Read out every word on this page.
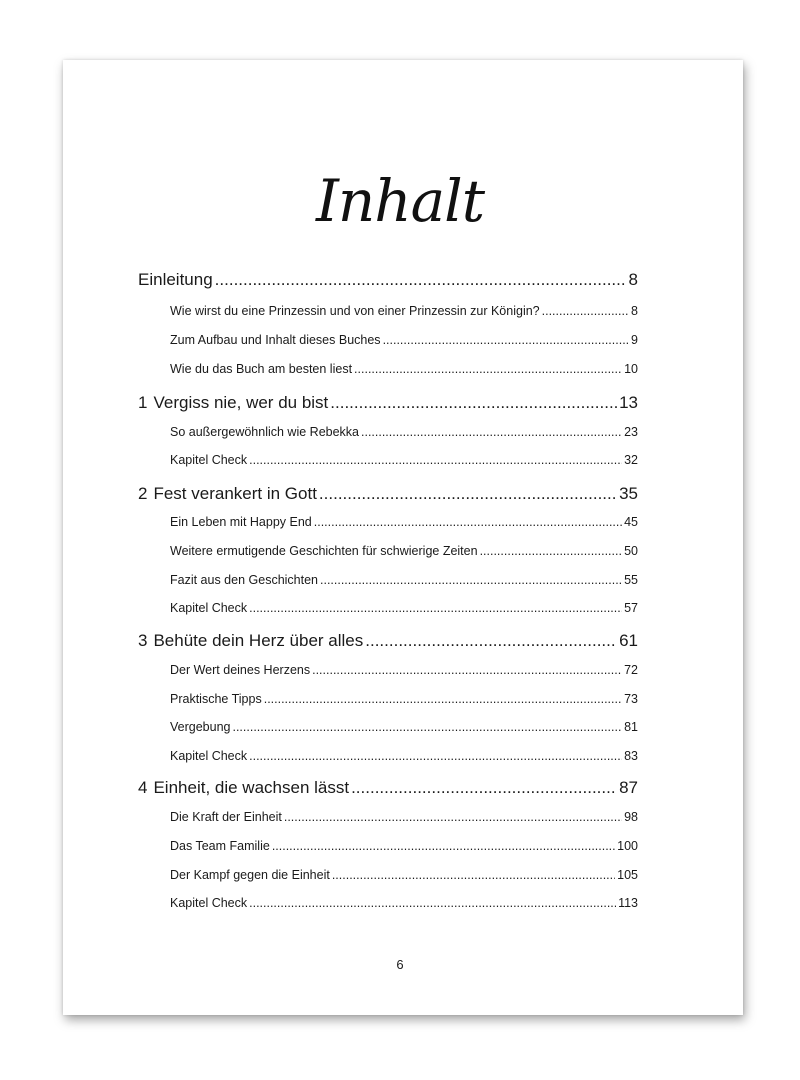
Inhalt
Einleitung .....	8
Wie wirst du eine Prinzessin und von einer Prinzessin zur Königin? .....	8
Zum Aufbau und Inhalt dieses Buches .....	9
Wie du das Buch am besten liest .....	10
1 Vergiss nie, wer du bist .....	13
So außergewöhnlich wie Rebekka .....	23
Kapitel Check .....	32
2 Fest verankert in Gott .....	35
Ein Leben mit Happy End .....	45
Weitere ermutigende Geschichten für schwierige Zeiten .....	50
Fazit aus den Geschichten .....	55
Kapitel Check .....	57
3 Behüte dein Herz über alles .....	61
Der Wert deines Herzens .....	72
Praktische Tipps .....	73
Vergebung .....	81
Kapitel Check .....	83
4 Einheit, die wachsen lässt .....	87
Die Kraft der Einheit .....	98
Das Team Familie .....	100
Der Kampf gegen die Einheit .....	105
Kapitel Check .....	113
6
